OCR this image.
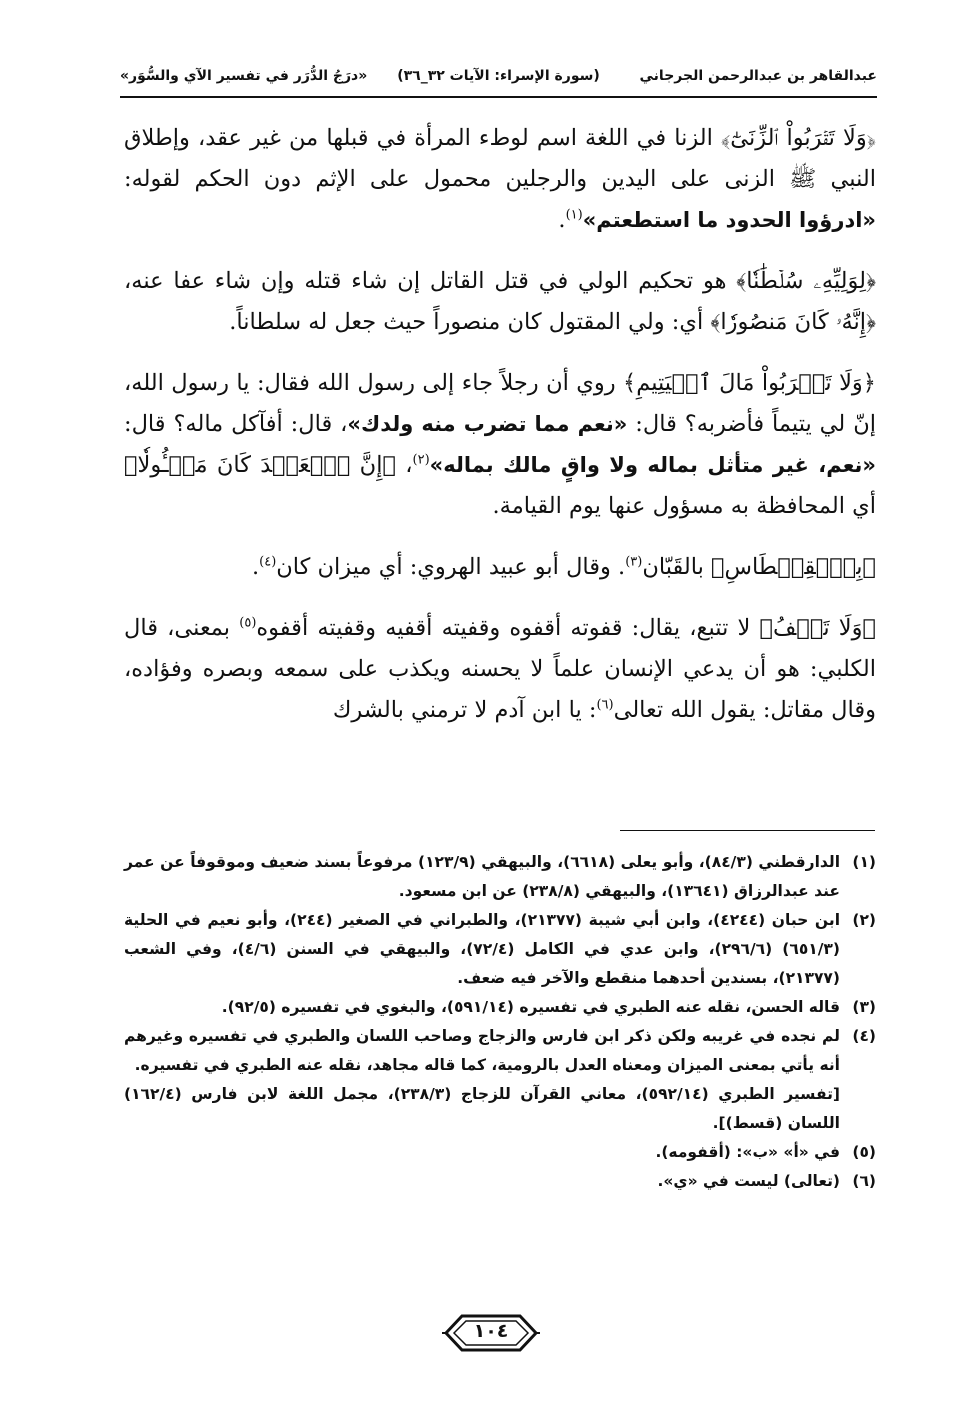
عبدالقاهر بن عبدالرحمن الجرجاني
(سورة الإسراء: الآيات ٣٢_٣٦)
«درَجُ الدُّرَر في تفسير الآي والسُّوَر»

﴿وَلَا تَقۡرَبُواْ ٱلزِّنَىٰٓ﴾ الزنا في اللغة اسم لوطء المرأة في قبلها من غير عقد، وإطلاق النبي ﷺ الزنى على اليدين والرجلين محمول على الإثم دون الحكم لقوله: «ادرؤوا الحدود ما استطعتم»$^{(١)}$.

﴿لِوَلِيِّهِۦ سُلۡطَٰنٗا﴾ هو تحكيم الولي في قتل القاتل إن شاء قتله وإن شاء عفا عنه، ﴿إِنَّهُۥ كَانَ مَنصُورٗا﴾ أي: ولي المقتول كان منصوراً حيث جعل له سلطاناً.

﴿وَلَا تَقۡرَبُواْ مَالَ ٱلۡيَتِيمِ﴾ روي أن رجلاً جاء إلى رسول الله فقال: يا رسول الله، إنّ لي يتيماً فأضربه؟ قال: «نعم مما تضرب منه ولدك»، قال: أفآكل ماله؟ قال: «نعم، غير متأثل بماله ولا واقٍ مالك بماله»$^{(٢)}$، ﴿إِنَّ ٱلۡعَهۡدَ كَانَ مَسۡـُٔولٗا﴾ أي المحافظة به مسؤول عنها يوم القيامة.

﴿بِٱلۡقِسۡطَاسِ﴾ بالقَبّان$^{(٣)}$. وقال أبو عبيد الهروي: أي ميزان كان$^{(٤)}$.

﴿وَلَا تَقۡفُ﴾ لا تتبع، يقال: قفوته أقفوه وقفيته أقفيه وقفيته أقفوه$^{(٥)}$ بمعنى، قال الكلبي: هو أن يدعي الإنسان علماً لا يحسنه ويكذب على سمعه وبصره وفؤاده، وقال مقاتل: يقول الله تعالى$^{(٦)}$: يا ابن آدم لا ترمني بالشرك

(١)
الدارقطني (٨٤/٣)، وأبو يعلى (٦٦١٨)، والبيهقي (١٢٣/٩) مرفوعاً بسند ضعيف وموقوفاً عن عمر عند عبدالرزاق (١٣٦٤١)، والبيهقي (٢٣٨/٨) عن ابن مسعود.
(٢)
ابن حبان (٤٢٤٤)، وابن أبي شيبة (٢١٣٧٧)، والطبراني في الصغير (٢٤٤)، وأبو نعيم في الحلية (٦٥١/٣) (٢٩٦/٦)، وابن عدي في الكامل (٧٢/٤)، والبيهقي في السنن (٤/٦)، وفي الشعب (٢١٣٧٧)، بسندين أحدهما منقطع والآخر فيه ضعف.
(٣)
قاله الحسن، نقله عنه الطبري في تفسيره (٥٩١/١٤)، والبغوي في تفسيره (٩٢/٥).
(٤)
لم نجده في غريبه ولكن ذكر ابن فارس والزجاج وصاحب اللسان والطبري في تفسيره وغيرهم أنه يأتي بمعنى الميزان ومعناه العدل بالرومية، كما قاله مجاهد، نقله عنه الطبري في تفسيره.
[تفسير الطبري (٥٩٢/١٤)، معاني القرآن للزجاج (٢٣٨/٣)، مجمل اللغة لابن فارس (١٦٢/٤) اللسان (قسط)].
(٥)
في «أ» «ب»: (أقفومه).
(٦)
(تعالى) ليست في «ي».
١٠٤
